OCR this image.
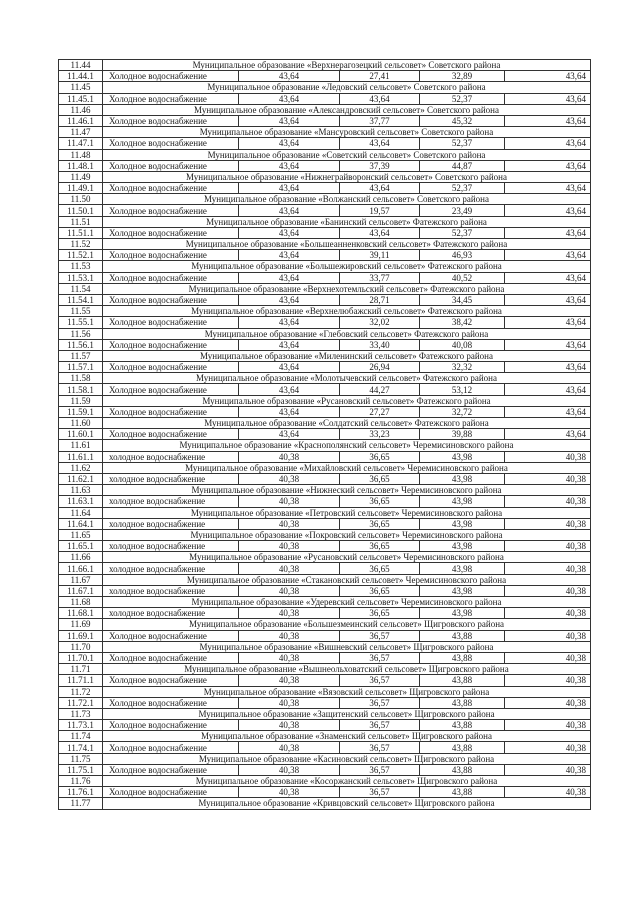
11.44	Муниципальное образование «Верхнерагозецкий сельсовет» Советского района				
11.44.1	Холодное водоснабжение	43,64	27,41	32,89	43,64
11.45	Муниципальное образование «Ледовский сельсовет» Советского района				
11.45.1	Холодное водоснабжение	43,64	43,64	52,37	43,64
11.46	Муниципальное образование «Александровский сельсовет» Советского района				
11.46.1	Холодное водоснабжение	43,64	37,77	45,32	43,64
11.47	Муниципальное образование «Мансуровский сельсовет» Советского района				
11.47.1	Холодное водоснабжение	43,64	43,64	52,37	43,64
11.48	Муниципальное образование «Советский сельсовет» Советского района				
11.48.1	Холодное водоснабжение	43,64	37,39	44,87	43,64
11.49	Муниципальное образование «Нижнеграйворонский сельсовет» Советского района				
11.49.1	Холодное водоснабжение	43,64	43,64	52,37	43,64
11.50	Муниципальное образование «Волжанский сельсовет» Советского района				
11.50.1	Холодное водоснабжение	43,64	19,57	23,49	43,64
11.51	Муниципальное образование «Банинский сельсовет» Фатежского района				
11.51.1	Холодное водоснабжение	43,64	43,64	52,37	43,64
11.52	Муниципальное образование «Большеанненковский сельсовет» Фатежского района				
11.52.1	Холодное водоснабжение	43,64	39,11	46,93	43,64
11.53	Муниципальное образование «Большежировский сельсовет» Фатежского района				
11.53.1	Холодное водоснабжение	43,64	33,77	40,52	43,64
11.54	Муниципальное образование «Верхнехотемльский сельсовет» Фатежского района				
11.54.1	Холодное водоснабжение	43,64	28,71	34,45	43,64
11.55	Муниципальное образование «Верхнелюбажский сельсовет» Фатежского района				
11.55.1	Холодное водоснабжение	43,64	32,02	38,42	43,64
11.56	Муниципальное образование «Глебовский сельсовет» Фатежского района				
11.56.1	Холодное водоснабжение	43,64	33,40	40,08	43,64
11.57	Муниципальное образование «Миленинский сельсовет» Фатежского района				
11.57.1	Холодное водоснабжение	43,64	26,94	32,32	43,64
11.58	Муниципальное образование «Молотычевский сельсовет» Фатежского района				
11.58.1	Холодное водоснабжение	43,64	44,27	53,12	43,64
11.59	Муниципальное образование «Русановский сельсовет» Фатежского района				
11.59.1	Холодное водоснабжение	43,64	27,27	32,72	43,64
11.60	Муниципальное образование «Солдатский сельсовет» Фатежского района				
11.60.1	Холодное водоснабжение	43,64	33,23	39,88	43,64
11.61	Муниципальное образование «Краснополянский сельсовет» Черемисиновского района				
11.61.1	холодное водоснабжение	40,38	36,65	43,98	40,38
11.62	Муниципальное образование «Михайловский сельсовет» Черемисиновского района				
11.62.1	холодное водоснабжение	40,38	36,65	43,98	40,38
11.63	Муниципальное образование «Нижнеский сельсовет» Черемисиновского района				
11.63.1	холодное водоснабжение	40,38	36,65	43,98	40,38
11.64	Муниципальное образование «Петровский сельсовет» Черемисиновского района				
11.64.1	холодное водоснабжение	40,38	36,65	43,98	40,38
11.65	Муниципальное образование «Покровский сельсовет» Черемисиновского района				
11.65.1	холодное водоснабжение	40,38	36,65	43,98	40,38
11.66	Муниципальное образование «Русановский сельсовет» Черемисиновского района				
11.66.1	холодное водоснабжение	40,38	36,65	43,98	40,38
11.67	Муниципальное образование «Стакановский сельсовет» Черемисиновского района				
11.67.1	холодное водоснабжение	40,38	36,65	43,98	40,38
11.68	Муниципальное образование «Удеревский сельсовет» Черемисиновского района				
11.68.1	холодное водоснабжение	40,38	36,65	43,98	40,38
11.69	Муниципальное образование «Большезмеинский сельсовет» Щигровского района				
11.69.1	Холодное водоснабжение	40,38	36,57	43,88	40,38
11.70	Муниципальное образование «Вишневский сельсовет» Щигровского района				
11.70.1	Холодное водоснабжение	40,38	36,57	43,88	40,38
11.71	Муниципальное образование «Вышнеольховатский сельсовет» Щигровского района				
11.71.1	Холодное водоснабжение	40,38	36,57	43,88	40,38
11.72	Муниципальное образование «Вязовский сельсовет» Щигровского района				
11.72.1	Холодное водоснабжение	40,38	36,57	43,88	40,38
11.73	Муниципальное образование «Защитенский сельсовет» Щигровского района				
11.73.1	Холодное водоснабжение	40,38	36,57	43,88	40,38
11.74	Муниципальное образование «Знаменский сельсовет» Щигровского района				
11.74.1	Холодное водоснабжение	40,38	36,57	43,88	40,38
11.75	Муниципальное образование «Касиновский сельсовет» Щигровского района				
11.75.1	Холодное водоснабжение	40,38	36,57	43,88	40,38
11.76	Муниципальное образование «Косоржанский сельсовет» Щигровского района				
11.76.1	Холодное водоснабжение	40,38	36,57	43,88	40,38
11.77	Муниципальное образование «Кривцовский сельсовет» Щигровского района				
